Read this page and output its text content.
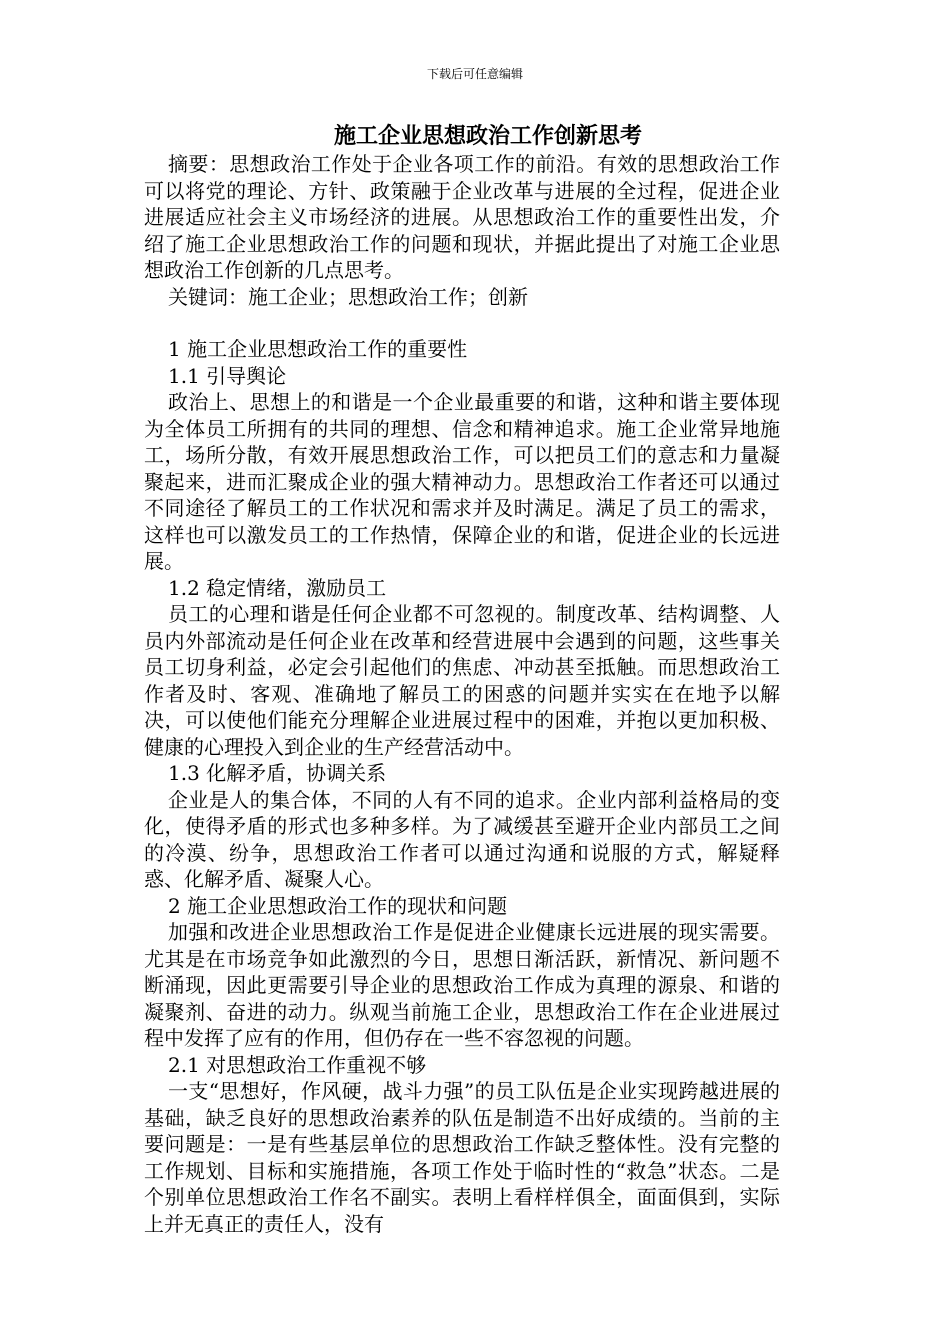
下载后可任意编辑
施工企业思想政治工作创新思考

摘要：思想政治工作处于企业各项工作的前沿。有效的思想政治工作可以将党的理论、方针、政策融于企业改革与进展的全过程，促进企业进展适应社会主义市场经济的进展。从思想政治工作的重要性出发，介绍了施工企业思想政治工作的问题和现状，并据此提出了对施工企业思想政治工作创新的几点思考。

关键词：施工企业；思想政治工作；创新

1 施工企业思想政治工作的重要性

1.1 引导舆论

政治上、思想上的和谐是一个企业最重要的和谐，这种和谐主要体现为全体员工所拥有的共同的理想、信念和精神追求。施工企业常异地施工，场所分散，有效开展思想政治工作，可以把员工们的意志和力量凝聚起来，进而汇聚成企业的强大精神动力。思想政治工作者还可以通过不同途径了解员工的工作状况和需求并及时满足。满足了员工的需求，这样也可以激发员工的工作热情，保障企业的和谐，促进企业的长远进展。

1.2 稳定情绪，激励员工

员工的心理和谐是任何企业都不可忽视的。制度改革、结构调整、人员内外部流动是任何企业在改革和经营进展中会遇到的问题，这些事关员工切身利益，必定会引起他们的焦虑、冲动甚至抵触。而思想政治工作者及时、客观、准确地了解员工的困惑的问题并实实在在地予以解决，可以使他们能充分理解企业进展过程中的困难，并抱以更加积极、健康的心理投入到企业的生产经营活动中。

1.3 化解矛盾，协调关系

企业是人的集合体，不同的人有不同的追求。企业内部利益格局的变化，使得矛盾的形式也多种多样。为了减缓甚至避开企业内部员工之间的冷漠、纷争，思想政治工作者可以通过沟通和说服的方式，解疑释惑、化解矛盾、凝聚人心。

2 施工企业思想政治工作的现状和问题

加强和改进企业思想政治工作是促进企业健康长远进展的现实需要。尤其是在市场竞争如此激烈的今日，思想日渐活跃，新情况、新问题不断涌现，因此更需要引导企业的思想政治工作成为真理的源泉、和谐的凝聚剂、奋进的动力。纵观当前施工企业，思想政治工作在企业进展过程中发挥了应有的作用，但仍存在一些不容忽视的问题。

2.1 对思想政治工作重视不够

一支“思想好，作风硬，战斗力强”的员工队伍是企业实现跨越进展的基础，缺乏良好的思想政治素养的队伍是制造不出好成绩的。当前的主要问题是：一是有些基层单位的思想政治工作缺乏整体性。没有完整的工作规划、目标和实施措施，各项工作处于临时性的“救急”状态。二是个别单位思想政治工作名不副实。表明上看样样俱全，面面俱到，实际上并无真正的责任人，没有
